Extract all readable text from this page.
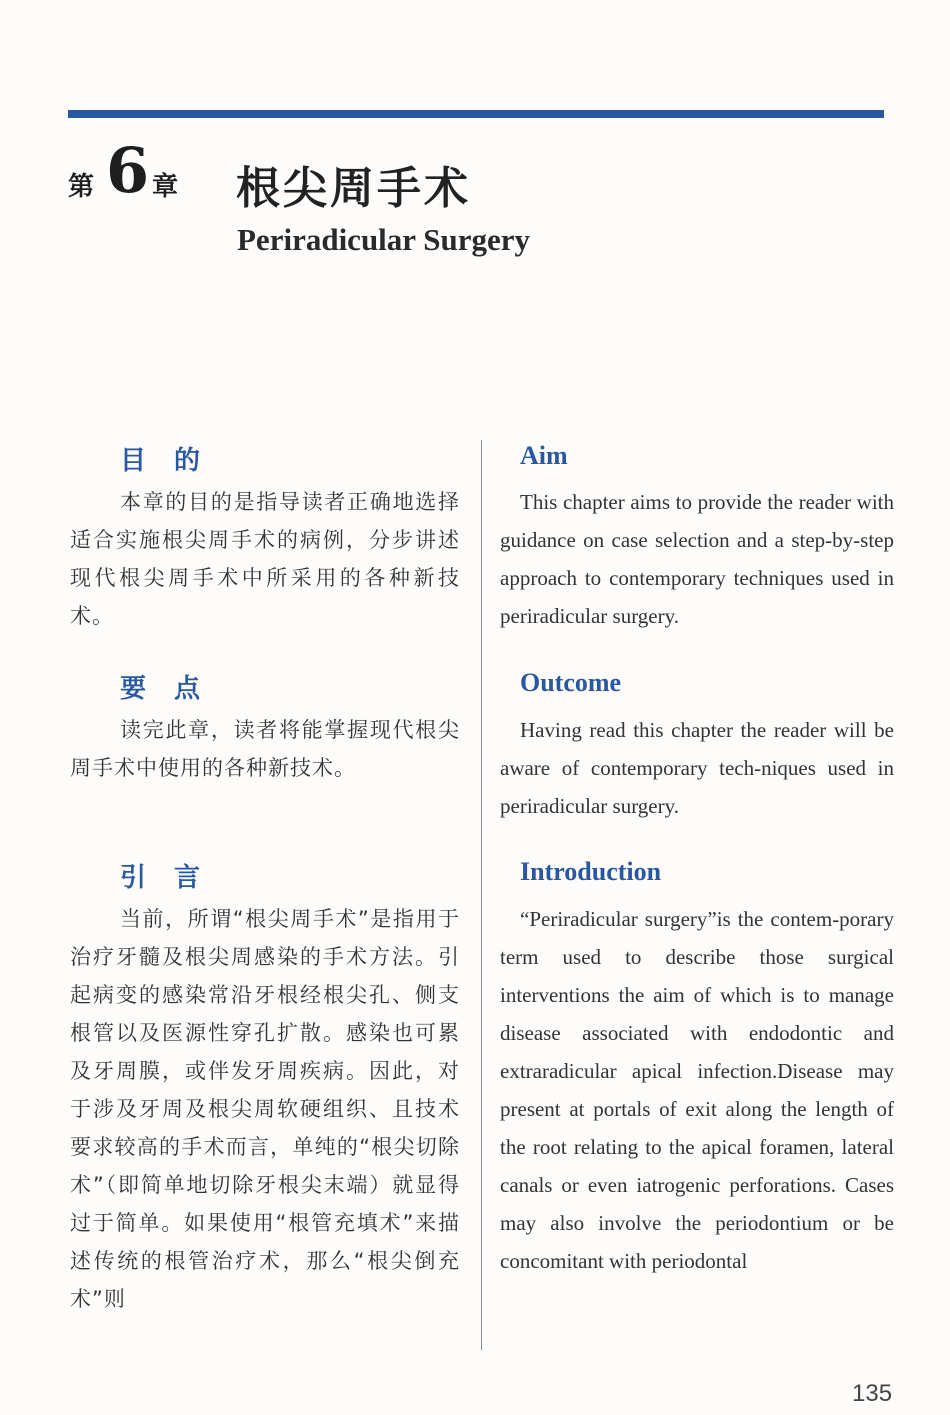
第 6 章 根尖周手术
Periradicular Surgery
目的
本章的目的是指导读者正确地选择适合实施根尖周手术的病例，分步讲述现代根尖周手术中所采用的各种新技术。
Aim
This chapter aims to provide the reader with guidance on case selection and a step-by-step approach to contemporary techniques used in periradicular surgery.
要点
读完此章，读者将能掌握现代根尖周手术中使用的各种新技术。
Outcome
Having read this chapter the reader will be aware of contemporary tech-niques used in periradicular surgery.
引言
当前，所谓“根尖周手术”是指用于治疗牙髓及根尖周感染的手术方法。引起病变的感染常沿牙根经根尖孔、侧支根管以及医源性穿孔扩散。感染也可累及牙周膜，或伴发牙周疾病。因此，对于涉及牙周及根尖周软硬组织、且技术要求较高的手术而言，单纯的“根尖切除术”（即简单地切除牙根尖末端）就显得过于简单。如果使用“根管充填术”来描述传统的根管治疗术，那么“根尖倒充术”则
Introduction
“Periradicular surgery”is the contem-porary term used to describe those surgical interventions the aim of which is to manage disease associated with endodontic and extraradicular apical infection.Disease may present at portals of exit along the length of the root relating to the apical foramen, lateral canals or even iatrogenic perforations. Cases may also involve the periodontium or be concomitant with periodontal
135
